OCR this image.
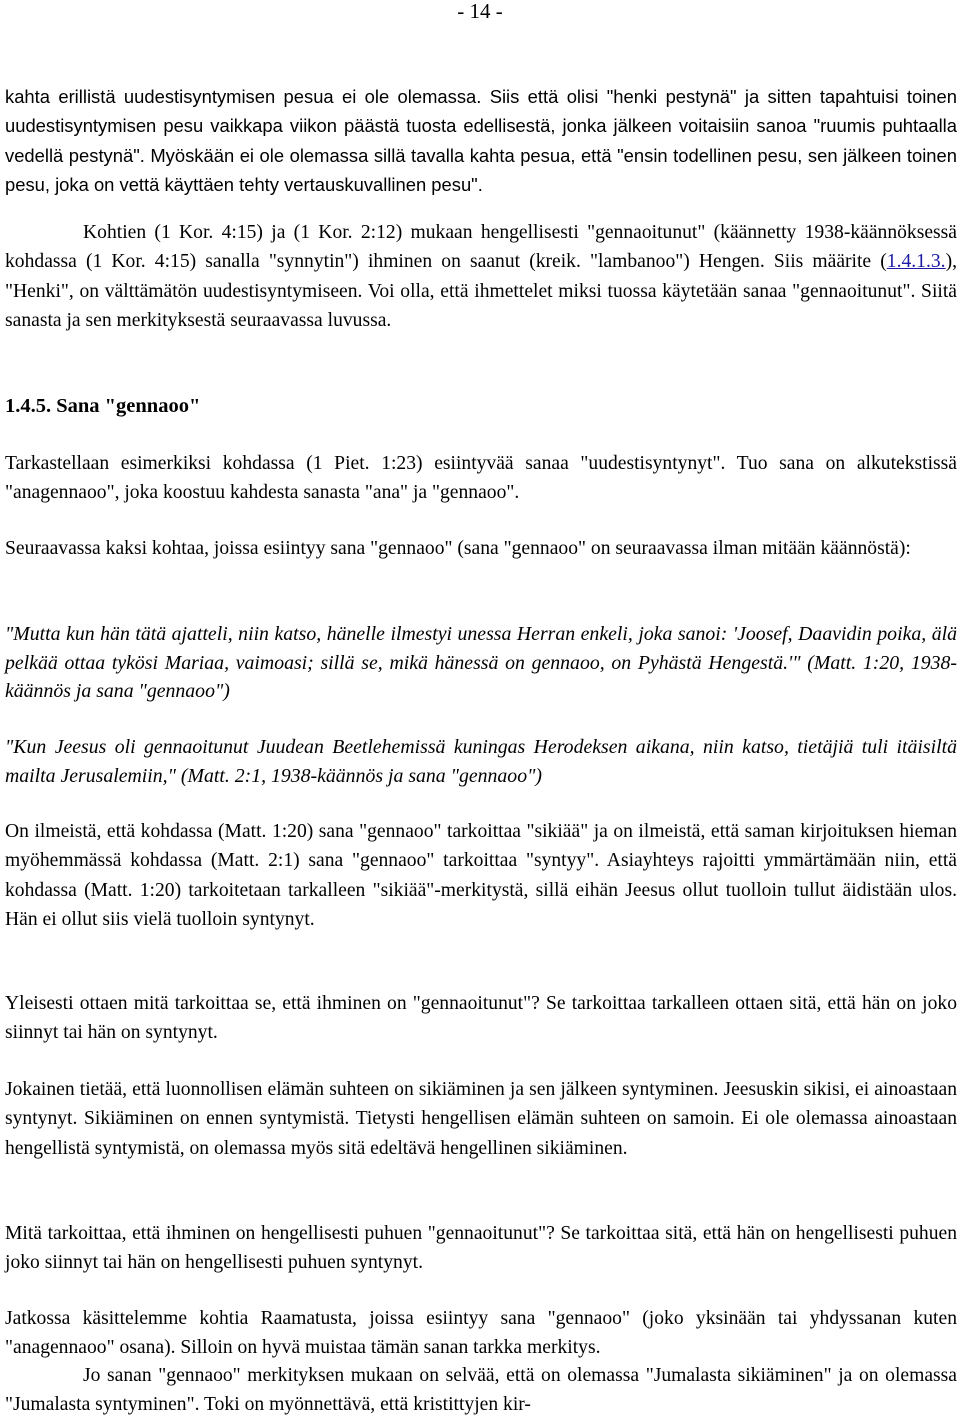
- 14 -

kahta erillistä uudestisyntymisen pesua ei ole olemassa. Siis että olisi "henki pestynä" ja sitten tapahtuisi toinen uudestisyntymisen pesu vaikkapa viikon päästä tuosta edellisestä, jonka jälkeen voitaisiin sanoa "ruumis puhtaalla vedellä pestynä". Myöskään ei ole olemassa sillä tavalla kahta pesua, että "ensin todellinen pesu, sen jälkeen toinen pesu, joka on vettä käyttäen tehty vertauskuvallinen pesu".

Kohtien (1 Kor. 4:15) ja (1 Kor. 2:12) mukaan hengellisesti "gennaoitunut" (käännetty 1938-käännöksessä kohdassa (1 Kor. 4:15) sanalla "synnytin") ihminen on saanut (kreik. "lambanoo") Hengen. Siis määrite (1.4.1.3.), "Henki", on välttämätön uudestisyntymiseen. Voi olla, että ihmettelet miksi tuossa käytetään sanaa "gennaoitunut". Siitä sanasta ja sen merkityksestä seuraavassa luvussa.

1.4.5. Sana "gennaoo"

Tarkastellaan esimerkiksi kohdassa (1 Piet. 1:23) esiintyvää sanaa "uudestisyntynyt". Tuo sana on alkutekstissä "anagennaoo", joka koostuu kahdesta sanasta "ana" ja "gennaoo".

Seuraavassa kaksi kohtaa, joissa esiintyy sana "gennaoo" (sana "gennaoo" on seuraavassa ilman mitään käännöstä):

"Mutta kun hän tätä ajatteli, niin katso, hänelle ilmestyi unessa Herran enkeli, joka sanoi: 'Joosef, Daavidin poika, älä pelkää ottaa tykösi Mariaa, vaimoasi; sillä se, mikä hänessä on gennaoo, on Pyhästä Hengestä.'" (Matt. 1:20, 1938-käännös ja sana "gennaoo")

"Kun Jeesus oli gennaoitunut Juudean Beetlehemissä kuningas Herodeksen aikana, niin katso, tietäjiä tuli itäisiltä mailta Jerusalemiin," (Matt. 2:1, 1938-käännös ja sana "gennaoo")

On ilmeistä, että kohdassa (Matt. 1:20) sana "gennaoo" tarkoittaa "sikiää" ja on ilmeistä, että saman kirjoituksen hieman myöhemmässä kohdassa (Matt. 2:1) sana "gennaoo" tarkoittaa "syntyy". Asiayhteys rajoitti ymmärtämään niin, että kohdassa (Matt. 1:20) tarkoitetaan tarkalleen "sikiää"-merkitystä, sillä eihän Jeesus ollut tuolloin tullut äidistään ulos. Hän ei ollut siis vielä tuolloin syntynyt.

Yleisesti ottaen mitä tarkoittaa se, että ihminen on "gennaoitunut"? Se tarkoittaa tarkalleen ottaen sitä, että hän on joko siinnyt tai hän on syntynyt.

Jokainen tietää, että luonnollisen elämän suhteen on sikiäminen ja sen jälkeen syntyminen. Jeesuskin sikisi, ei ainoastaan syntynyt. Sikiäminen on ennen syntymistä. Tietysti hengellisen elämän suhteen on samoin. Ei ole olemassa ainoastaan hengellistä syntymistä, on olemassa myös sitä edeltävä hengellinen sikiäminen.

Mitä tarkoittaa, että ihminen on hengellisesti puhuen "gennaoitunut"? Se tarkoittaa sitä, että hän on hengellisesti puhuen joko siinnyt tai hän on hengellisesti puhuen syntynyt.

Jatkossa käsittelemme kohtia Raamatusta, joissa esiintyy sana "gennaoo" (joko yksinään tai yhdyssanan kuten "anagennaoo" osana). Silloin on hyvä muistaa tämän sanan tarkka merkitys.

Jo sanan "gennaoo" merkityksen mukaan on selvää, että on olemassa "Jumalasta sikiäminen" ja on olemassa "Jumalasta syntyminen". Toki on myönnettävä, että kristittyjen kir-
